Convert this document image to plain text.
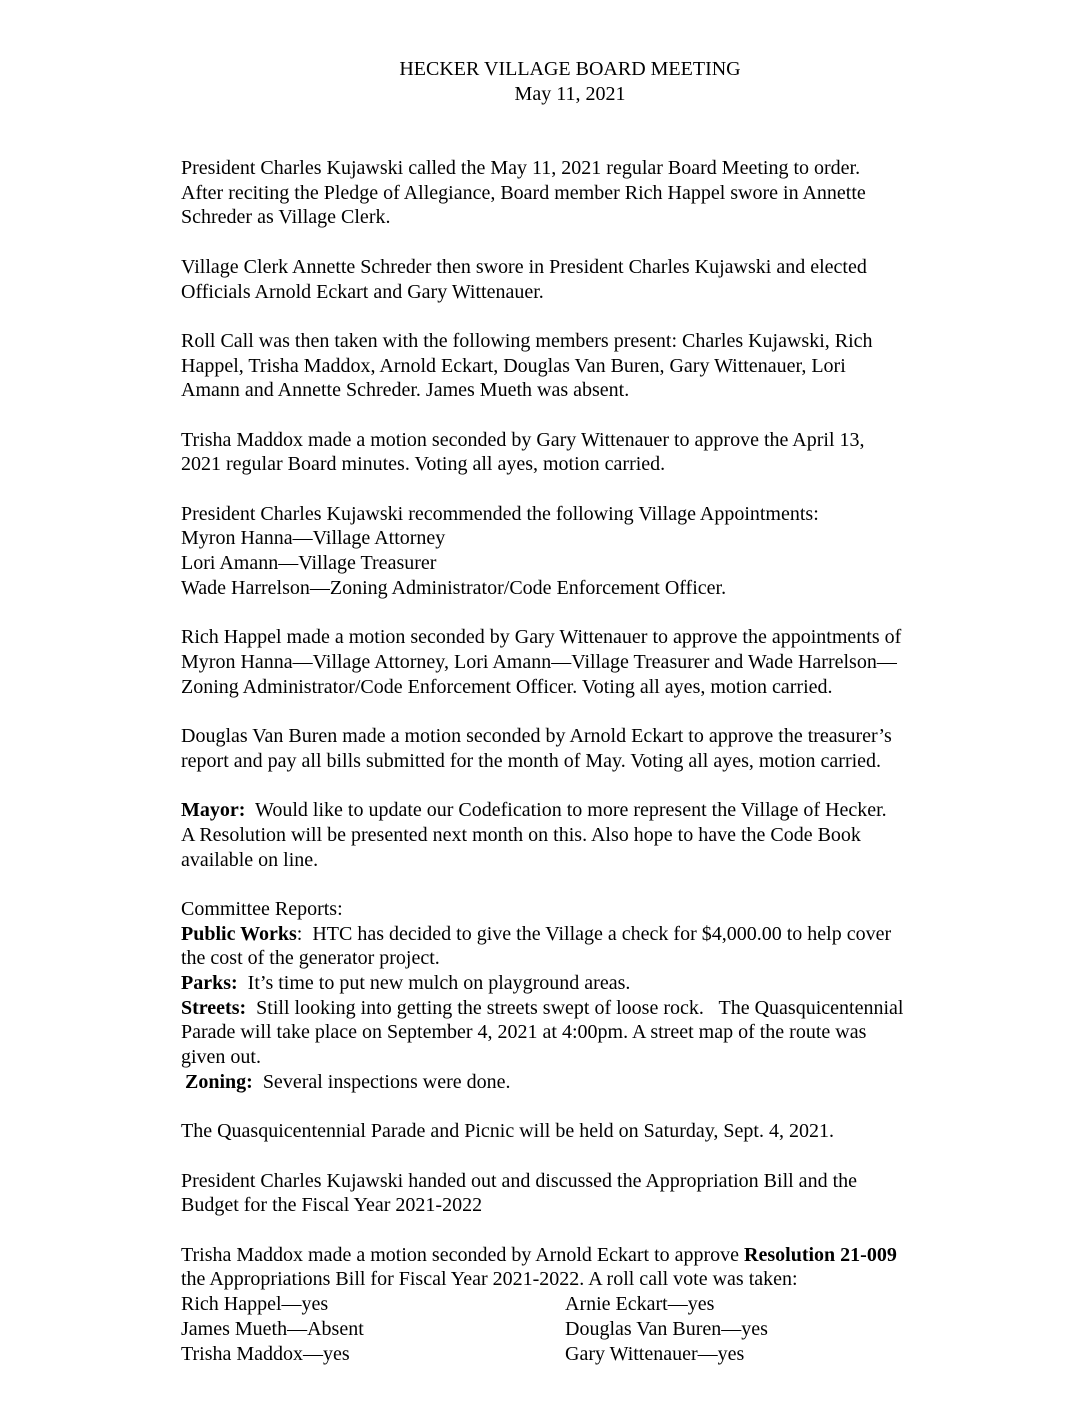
HECKER VILLAGE BOARD MEETING
May 11, 2021
President Charles Kujawski called the May 11, 2021 regular Board Meeting to order.
After reciting the Pledge of Allegiance, Board member Rich Happel swore in Annette
Schreder as Village Clerk.
Village Clerk Annette Schreder then swore in President Charles Kujawski and elected
Officials Arnold Eckart and Gary Wittenauer.
Roll Call was then taken with the following members present: Charles Kujawski, Rich
Happel, Trisha Maddox, Arnold Eckart, Douglas Van Buren, Gary Wittenauer, Lori
Amann and Annette Schreder. James Mueth was absent.
Trisha Maddox made a motion seconded by Gary Wittenauer to approve the April 13,
2021 regular Board minutes. Voting all ayes, motion carried.
President Charles Kujawski recommended the following Village Appointments:
Myron Hanna—Village Attorney
Lori Amann—Village Treasurer
Wade Harrelson—Zoning Administrator/Code Enforcement Officer.
Rich Happel made a motion seconded by Gary Wittenauer to approve the appointments of
Myron Hanna—Village Attorney, Lori Amann—Village Treasurer and Wade Harrelson—
Zoning Administrator/Code Enforcement Officer. Voting all ayes, motion carried.
Douglas Van Buren made a motion seconded by Arnold Eckart to approve the treasurer’s
report and pay all bills submitted for the month of May. Voting all ayes, motion carried.
Mayor:  Would like to update our Codefication to more represent the Village of Hecker.
A Resolution will be presented next month on this. Also hope to have the Code Book
available on line.
Committee Reports:
Public Works:  HTC has decided to give the Village a check for $4,000.00 to help cover
the cost of the generator project.
Parks:  It’s time to put new mulch on playground areas.
Streets:  Still looking into getting the streets swept of loose rock.   The Quasquicentennial
Parade will take place on September 4, 2021 at 4:00pm. A street map of the route was
given out.
Zoning:  Several inspections were done.
The Quasquicentennial Parade and Picnic will be held on Saturday, Sept. 4, 2021.
President Charles Kujawski handed out and discussed the Appropriation Bill and the
Budget for the Fiscal Year 2021-2022
Trisha Maddox made a motion seconded by Arnold Eckart to approve Resolution 21-009
the Appropriations Bill for Fiscal Year 2021-2022. A roll call vote was taken:
Rich Happel—yes	Arnie Eckart—yes
James Mueth—Absent	Douglas Van Buren—yes
Trisha Maddox—yes	Gary Wittenauer—yes
